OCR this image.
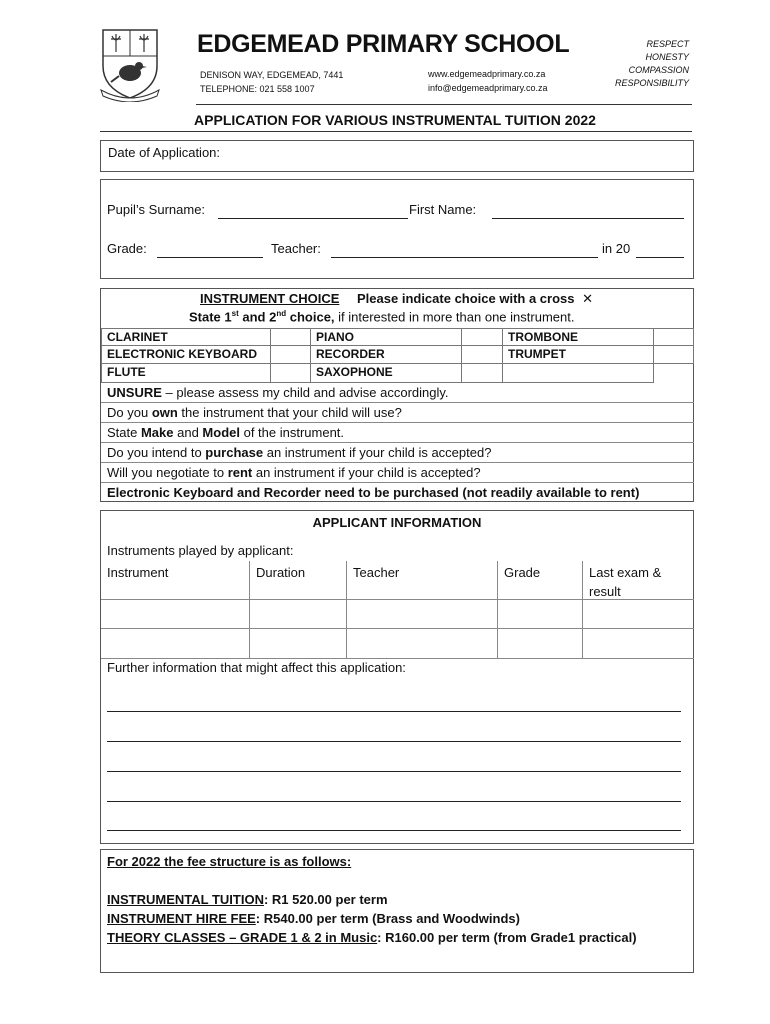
EDGEMEAD PRIMARY SCHOOL
DENISON WAY, EDGEMEAD, 7441
TELEPHONE: 021 558 1007
www.edgemeadprimary.co.za
info@edgemeadprimary.co.za
RESPECT
HONESTY
COMPASSION
RESPONSIBILITY
APPLICATION FOR VARIOUS INSTRUMENTAL TUITION 2022
Date of Application:
Pupil’s Surname:	First Name:
Grade:	Teacher:	in 20
INSTRUMENT CHOICE Please indicate choice with a cross ✕
State 1st and 2nd choice, if interested in more than one instrument.
CLARINET	PIANO	TROMBONE
ELECTRONIC KEYBOARD	RECORDER	TRUMPET
FLUTE	SAXOPHONE
UNSURE – please assess my child and advise accordingly.
Do you own the instrument that your child will use?
State Make and Model of the instrument.
Do you intend to purchase an instrument if your child is accepted?
Will you negotiate to rent an instrument if your child is accepted?
Electronic Keyboard and Recorder need to be purchased (not readily available to rent)
APPLICANT INFORMATION
Instruments played by applicant:
Instrument	Duration	Teacher	Grade	Last exam & result
Further information that might affect this application:
For 2022 the fee structure is as follows:
INSTRUMENTAL TUITION: R1 520.00 per term
INSTRUMENT HIRE FEE: R540.00 per term (Brass and Woodwinds)
THEORY CLASSES – GRADE 1 & 2 in Music: R160.00 per term (from Grade1 practical)
